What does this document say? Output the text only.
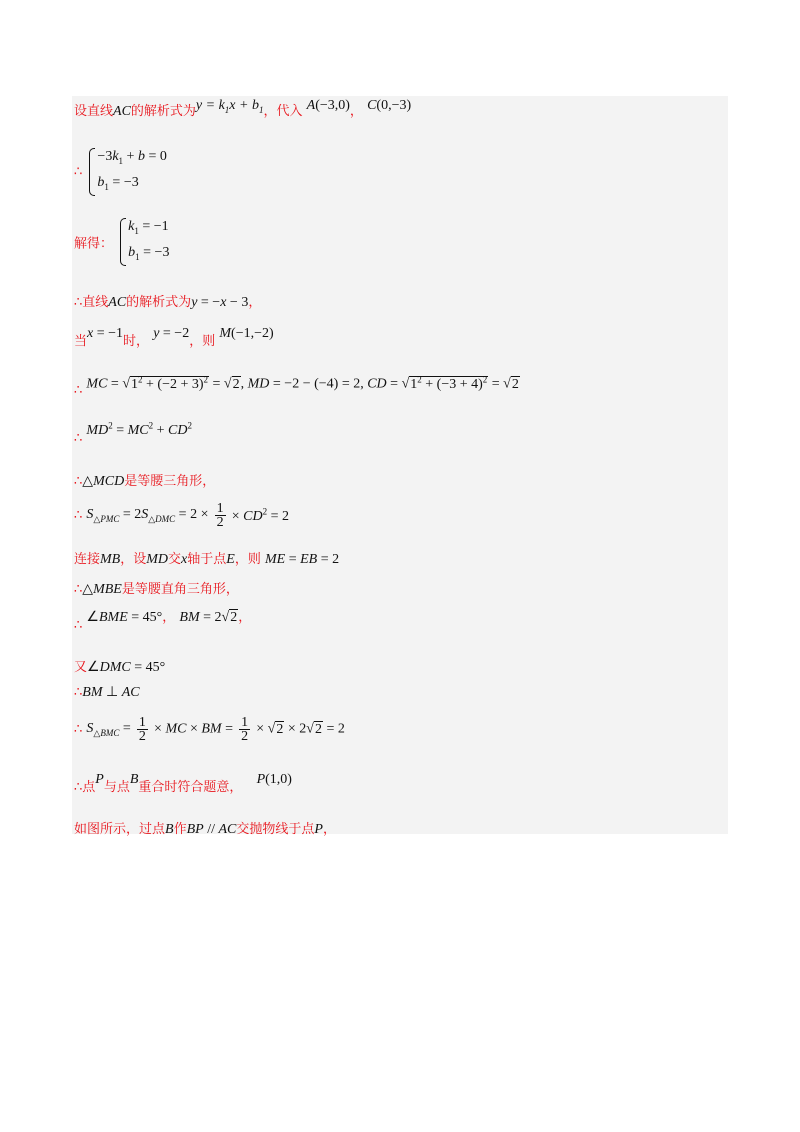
设直线AC的解析式为$y = k_1x + b_1$，代入 A(−3,0)， C(0,−3)
∴
$-3k_1 + b = 0$
$b_1 = -3$
解得：
$k_1 = -1$
$b_1 = -3$
∴直线AC的解析式为y = −x − 3，
当x = −1时， y = −2，则 M(−1,−2)
∴ MC = $√1^2 + (-2 + 3)^2 = √2$, MD = −2 − (−4) = 2, CD = $√1^2 + (-3 + 4)^2 = √2$
∴ $MD^2 = MC^2 + CD^2$
∴△MCD是等腰三角形，
∴ $S_{\triangle PMC} = 2S_{\triangle DMC} = 2 \times \frac{1}{2} \times CD^2 = 2$
连接MB，设MD交x轴于点E，则 ME = EB = 2
∴△MBE是等腰直角三角形，
∴ ∠BME = 45°， BM = 2√2，
又∠DMC = 45°
∴BM ⊥ AC
∴ $S_{\triangle BMC} = \frac{1}{2}$ × MC × BM = $\frac{1}{2} \times √2 \times 2√2 = 2$
∴点P与点B重合时符合题意， P(1,0)
如图所示，过点B作BP // AC交抛物线于点P，
